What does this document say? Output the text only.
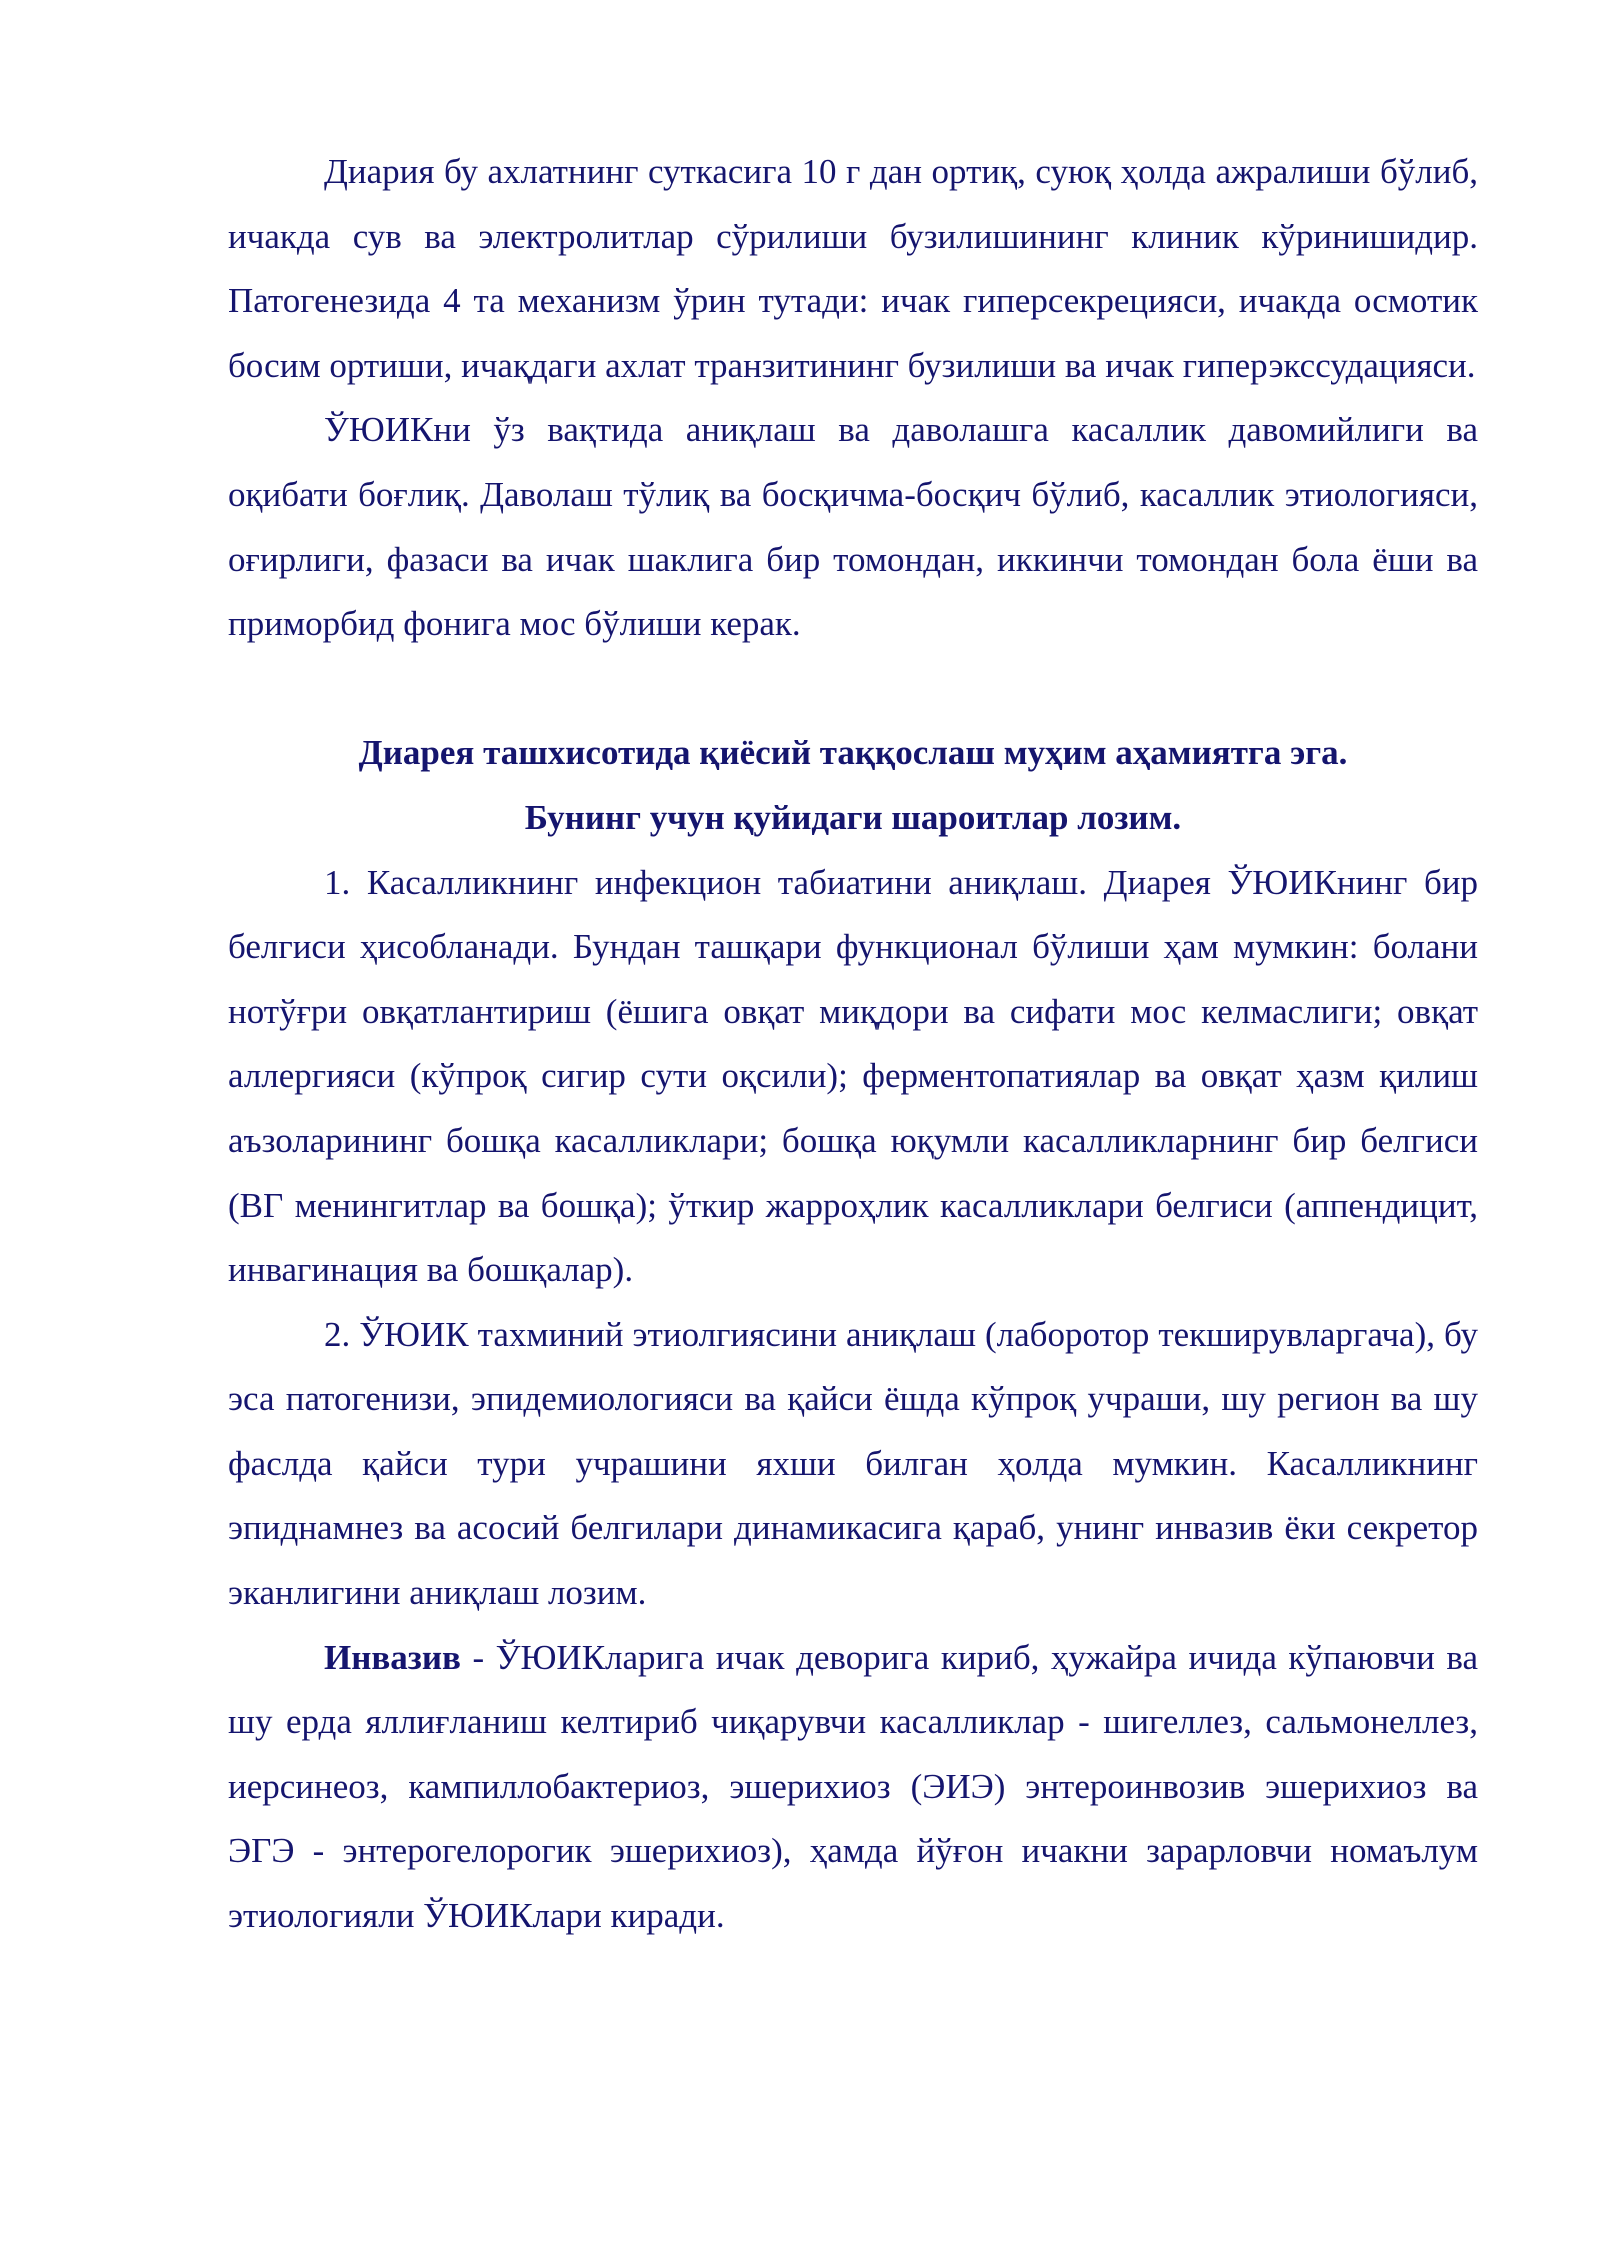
Диария бу ахлатнинг суткасига 10 г дан ортиқ, суюқ ҳолда ажралиши бўлиб, ичакда сув ва электролитлар сўрилиши бузилишининг клиник кўринишидир. Патогенезида 4 та механизм ўрин тутади: ичак гиперсекрецияси, ичакда осмотик босим ортиши, ичақдаги ахлат транзитининг бузилиши ва ичак гиперэкссудацияси.

ЎЮИКни ўз вақтида аниқлаш ва даволашга касаллик давомийлиги ва оқибати боғлиқ. Даволаш тўлиқ ва босқичма-босқич бўлиб, касаллик этиологияси, оғирлиги, фазаси ва ичак шаклига бир томондан, иккинчи томондан бола ёши ва приморбид фонига мос бўлиши керак.

Диарея ташхисотида қиёсий таққослаш муҳим аҳамиятга эга.

Бунинг учун қуйидаги шароитлар лозим.

1. Касалликнинг инфекцион табиатини аниқлаш. Диарея ЎЮИКнинг бир белгиси ҳисобланади. Бундан ташқари функционал бўлиши ҳам мумкин: болани нотўғри овқатлантириш (ёшига овқат миқдори ва сифати мос келмаслиги; овқат аллергияси (кўпроқ сигир сути оқсили); ферментопатиялар ва овқат ҳазм қилиш аъзоларининг бошқа касалликлари; бошқа юқумли касалликларнинг бир белгиси (ВГ менингитлар ва бошқа); ўткир жарроҳлик касалликлари белгиси (аппендицит, инвагинация ва бошқалар).

2. ЎЮИК тахминий этиолгиясини аниқлаш (лаборотор текширувларгача), бу эса патогенизи, эпидемиологияси ва қайси ёшда кўпроқ учраши, шу регион ва шу фаслда қайси тури учрашини яхши билган ҳолда мумкин. Касалликнинг эпиднамнез ва асосий белгилари динамикасига қараб, унинг инвазив ёки секретор эканлигини аниқлаш лозим.

Инвазив - ЎЮИКларига ичак деворига кириб, ҳужайра ичида кўпаювчи ва шу ерда яллиғланиш келтириб чиқарувчи касалликлар - шигеллез, сальмонеллез, иерсинеоз, кампиллобактериоз, эшерихиоз (ЭИЭ) энтероинвозив эшерихиоз ва ЭГЭ - энтерогелорогик эшерихиоз), ҳамда йўғон ичакни зарарловчи номаълум этиологияли ЎЮИКлари киради.
